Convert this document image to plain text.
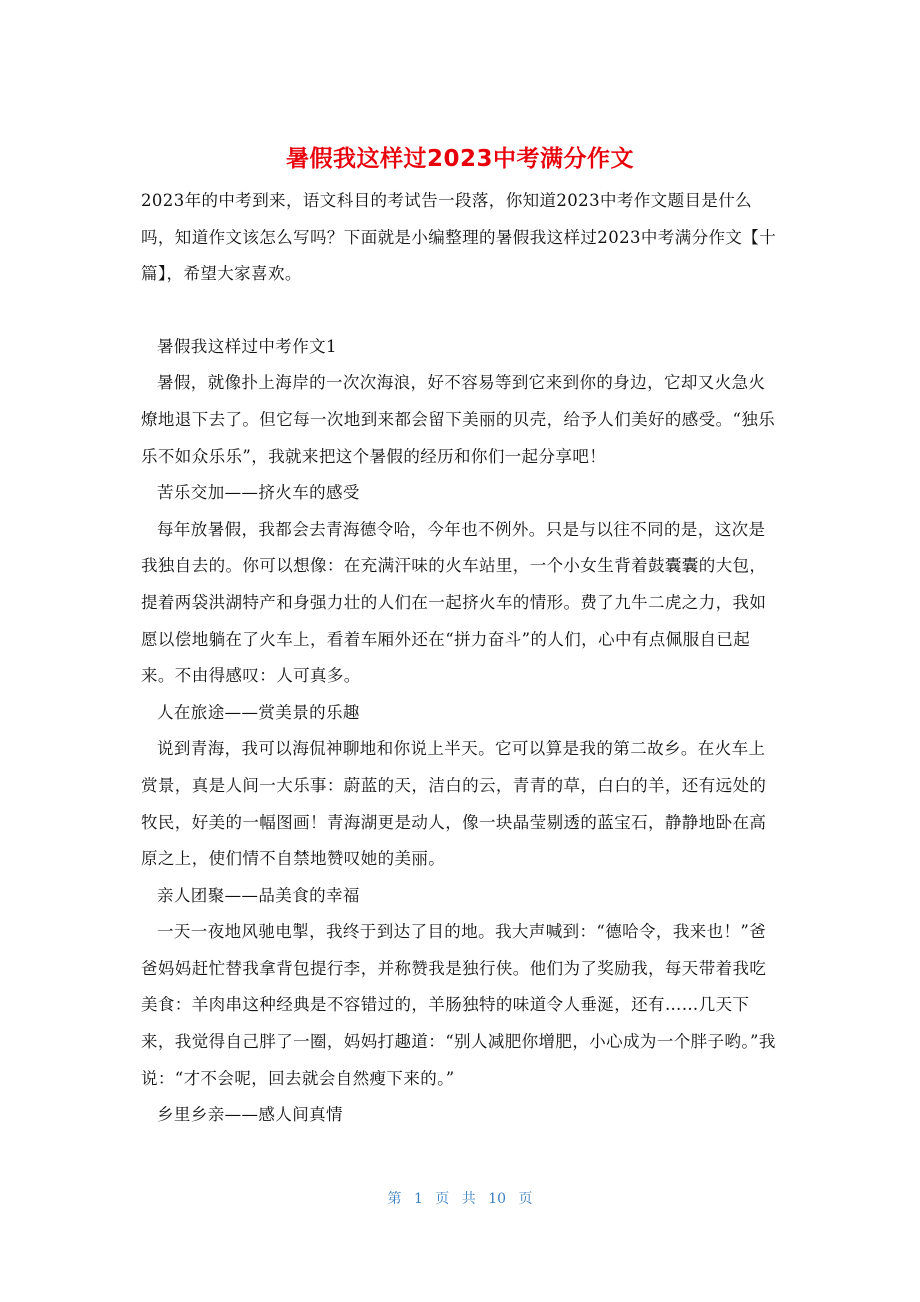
暑假我这样过2023中考满分作文

2023年的中考到来，语文科目的考试告一段落，你知道2023中考作文题目是什么吗，知道作文该怎么写吗？下面就是小编整理的暑假我这样过2023中考满分作文【十篇】，希望大家喜欢。

暑假我这样过中考作文1

暑假，就像扑上海岸的一次次海浪，好不容易等到它来到你的身边，它却又火急火燎地退下去了。但它每一次地到来都会留下美丽的贝壳，给予人们美好的感受。“独乐乐不如众乐乐”，我就来把这个暑假的经历和你们一起分享吧！

苦乐交加——挤火车的感受

每年放暑假，我都会去青海德令哈，今年也不例外。只是与以往不同的是，这次是我独自去的。你可以想像：在充满汗味的火车站里，一个小女生背着鼓囊囊的大包，提着两袋洪湖特产和身强力壮的人们在一起挤火车的情形。费了九牛二虎之力，我如愿以偿地躺在了火车上，看着车厢外还在“拼力奋斗”的人们，心中有点佩服自已起来。不由得感叹：人可真多。

人在旅途——赏美景的乐趣

说到青海，我可以海侃神聊地和你说上半天。它可以算是我的第二故乡。在火车上赏景，真是人间一大乐事：蔚蓝的天，洁白的云，青青的草，白白的羊，还有远处的牧民，好美的一幅图画！青海湖更是动人，像一块晶莹剔透的蓝宝石，静静地卧在高原之上，使们情不自禁地赞叹她的美丽。

亲人团聚——品美食的幸福

一天一夜地风驰电掣，我终于到达了目的地。我大声喊到：“德哈令，我来也！”爸爸妈妈赶忙替我拿背包提行李，并称赞我是独行侠。他们为了奖励我，每天带着我吃美食：羊肉串这种经典是不容错过的，羊肠独特的味道令人垂涎，还有……几天下来，我觉得自己胖了一圈，妈妈打趣道：“别人减肥你增肥，小心成为一个胖子哟。”我说：“才不会呢，回去就会自然瘦下来的。”

乡里乡亲——感人间真情

第 1 页 共 10 页
